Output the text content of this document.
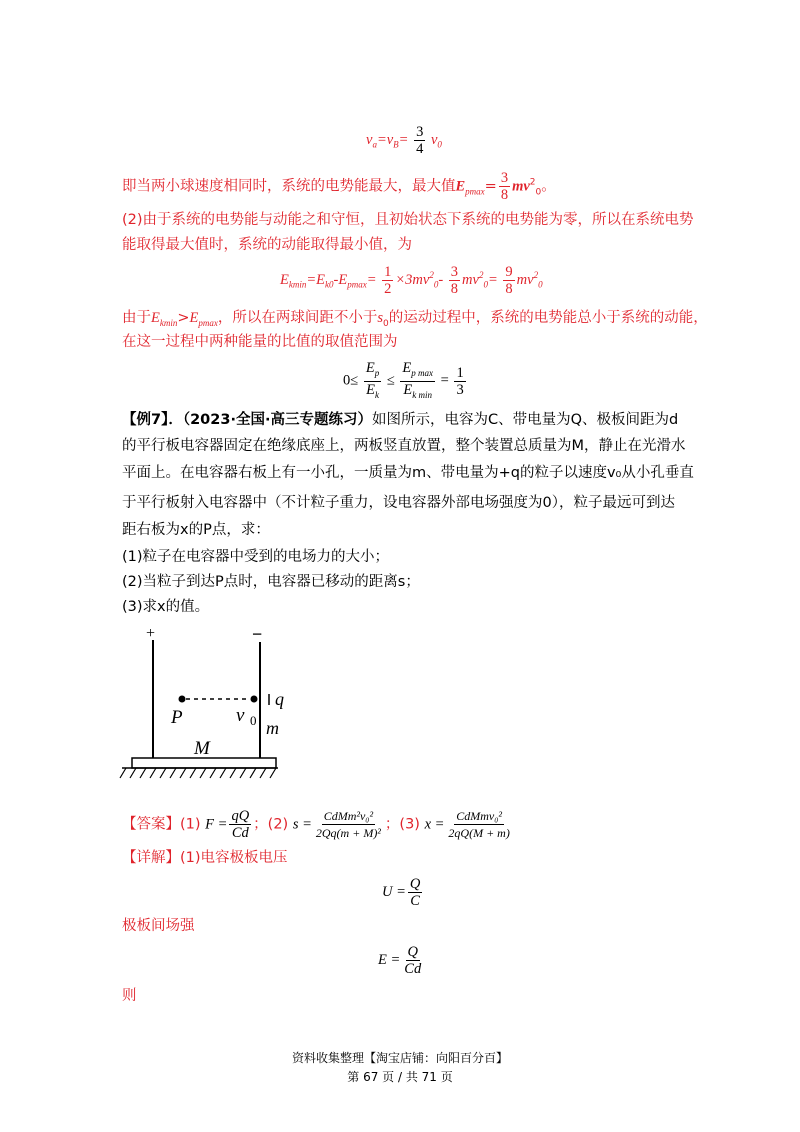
$v_a=v_B= \frac{3}{4} v_0$
即当两小球速度相同时，系统的电势能最大，最大值$E_{pmax}= \frac{3}{8} mv^2_0$。
(2)由于系统的电势能与动能之和守恒，且初始状态下系统的电势能为零，所以在系统电势
能取得最大值时，系统的动能取得最小值，为
$E_{kmin}=E_{k0}-E_{pmax}= \frac{1}{2} \times 3mv^2_0- \frac{3}{8} mv^2_0= \frac{9}{8} mv^2_0$
由于$E_{kmin}>E_{pmax}$，所以在两球间距不小于$s_0$的运动过程中，系统的电势能总小于系统的动能，
在这一过程中两种能量的比值的取值范围为
$0\le \frac{E_p}{E_k} \le \frac{E_{p max}}{E_{k min}} = \frac{1}{3}$
【例7】．（2023·全国·高三专题练习）如图所示，电容为C、带电量为Q、极板间距为d
的平行板电容器固定在绝缘底座上，两板竖直放置，整个装置总质量为M，静止在光滑水
平面上。在电容器右板上有一小孔，一质量为m、带电量为+q的粒子以速度v₀从小孔垂直
于平行板射入电容器中（不计粒子重力，设电容器外部电场强度为0），粒子最远可到达
距右板为x的P点，求：
(1)粒子在电容器中受到的电场力的大小；
(2)当粒子到达P点时，电容器已移动的距离s；
(3)求x的值。
+	−
P	v 0
q
m
M
【答案】(1) $F = \frac{qQ}{Cd}$ ；(2) $s = \frac{\text{CdMm²v₀²}}{\text{2Qq(m + M)²}}$ ；(3) $x = \frac{\text{CdMmv₀²}}{2qQ(M + m)}$
【详解】(1)电容极板电压
$U = \frac{Q}{C}$
极板间场强
$E = \frac{Q}{Cd}$
则
资料收集整理【淘宝店铺：向阳百分百】
第 67 页 / 共 71 页
